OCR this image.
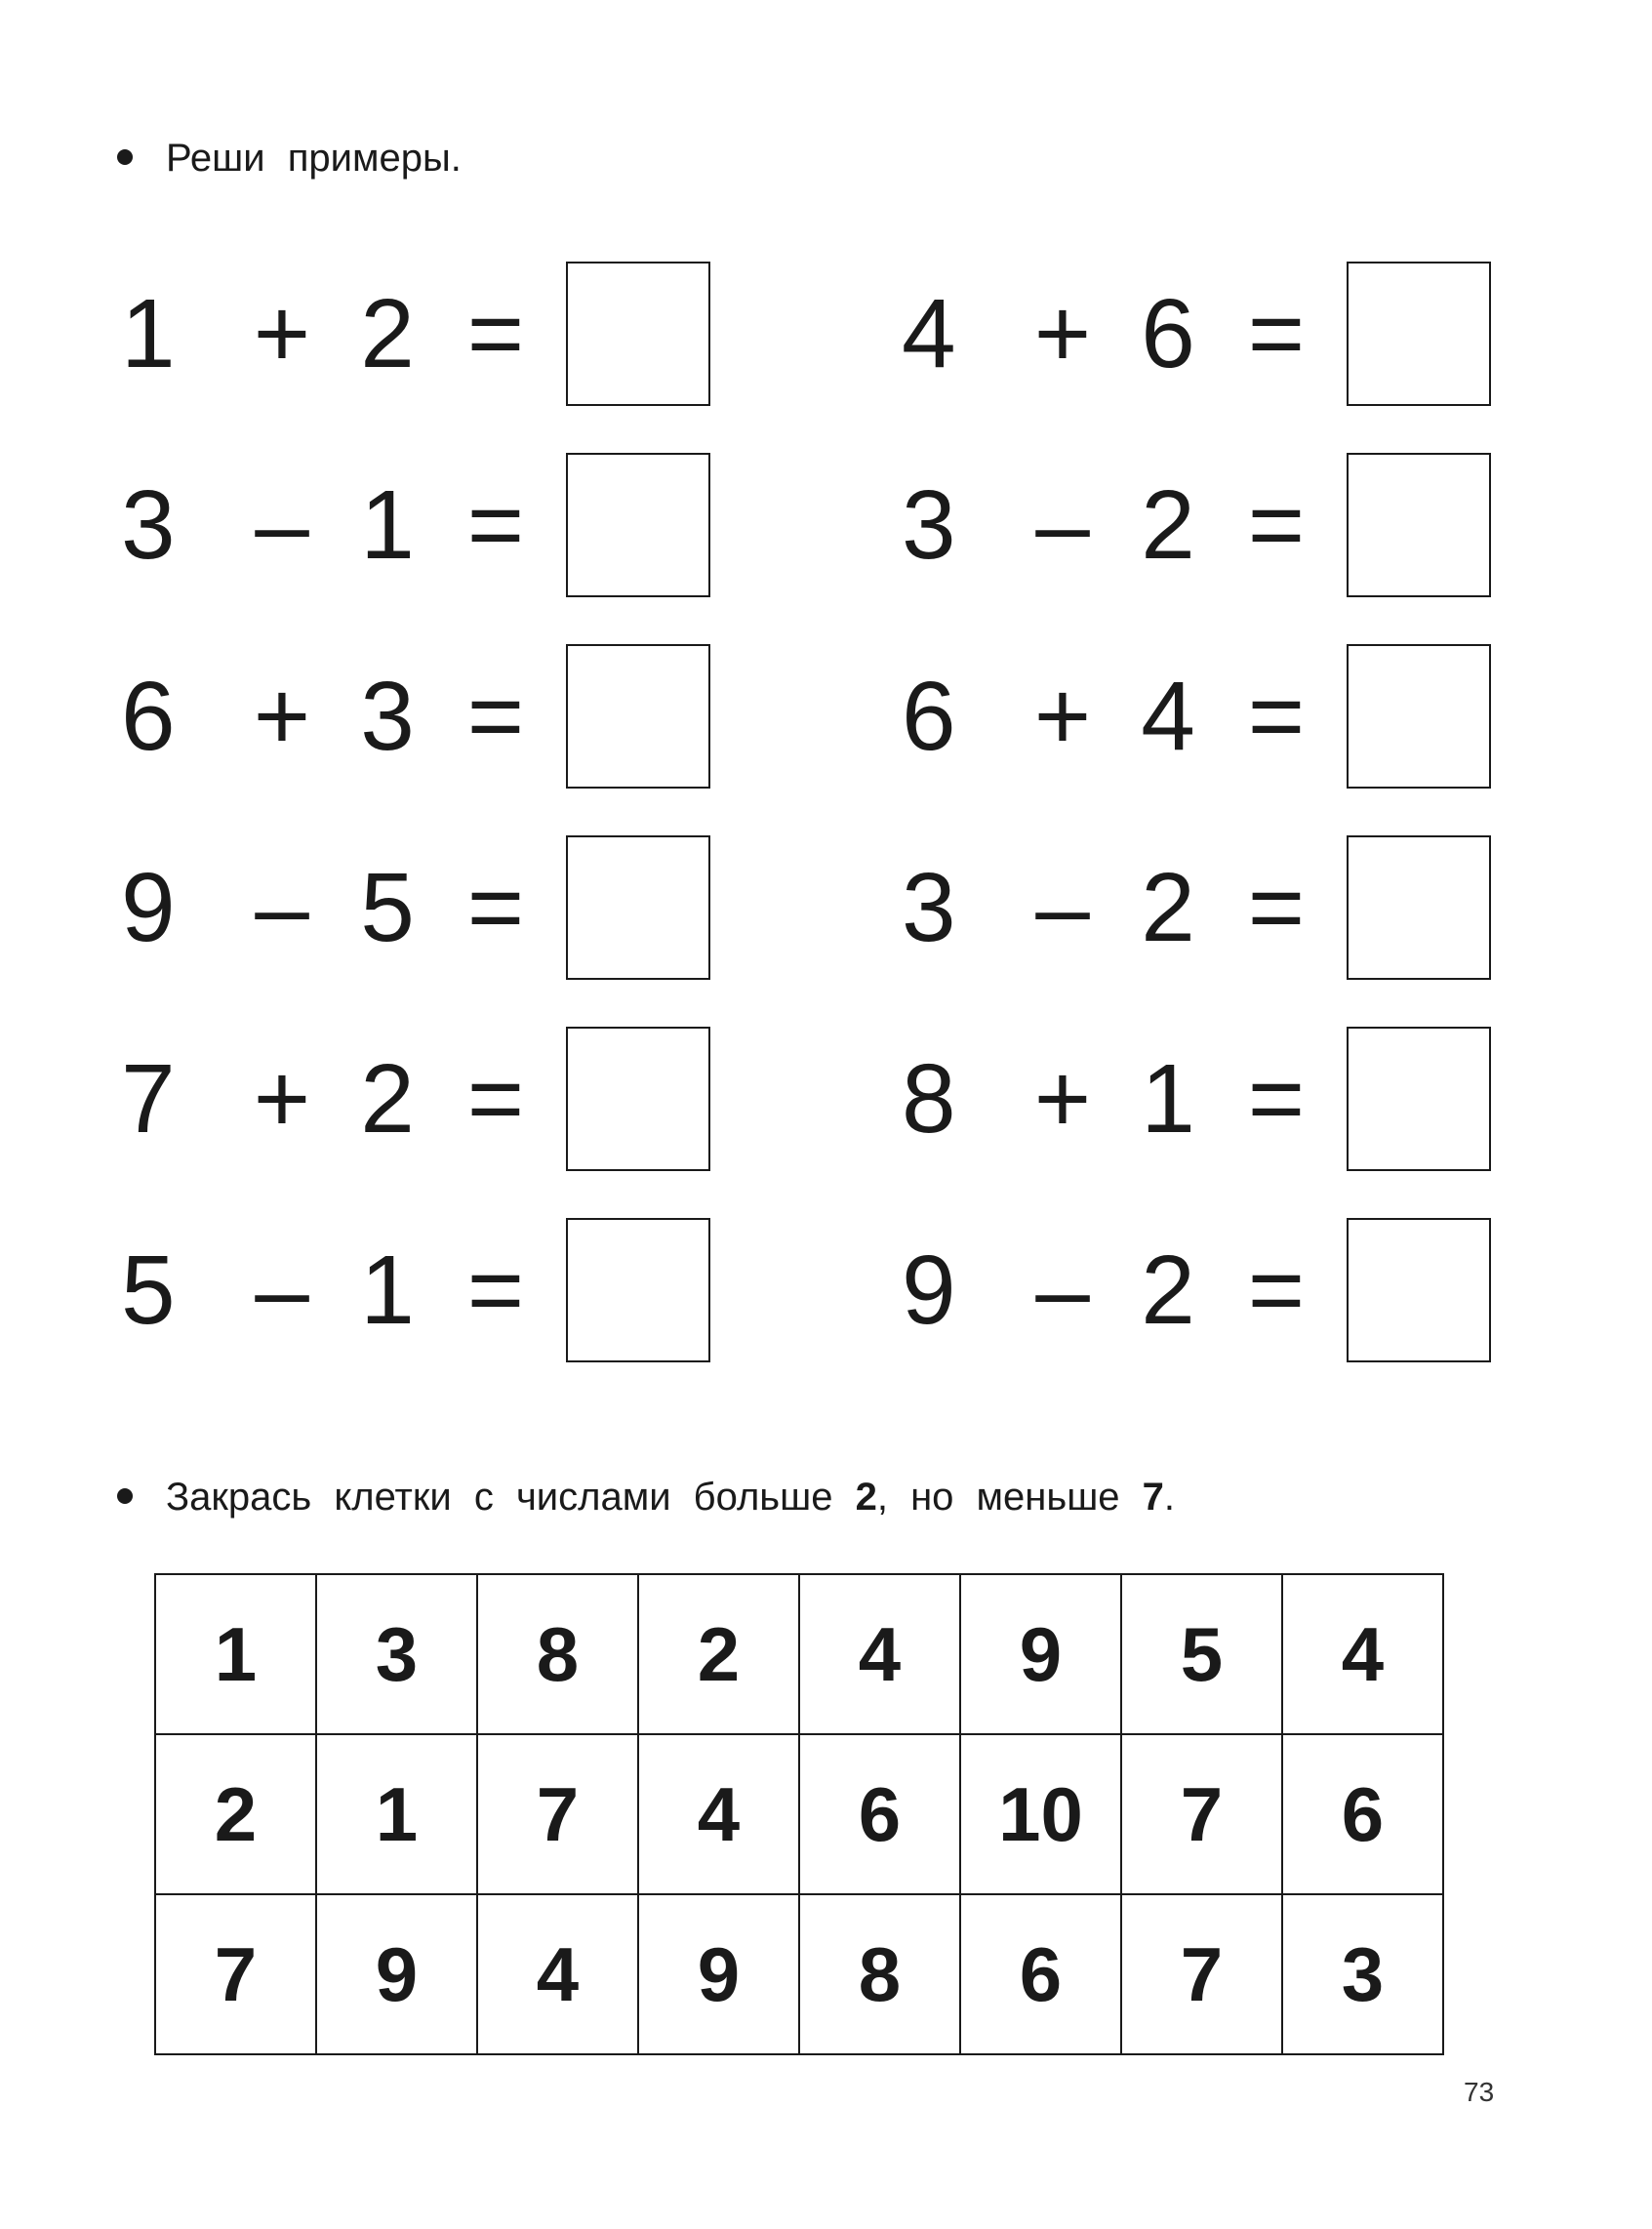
Реши примеры.
1 + 2 =
3 – 1 =
6 + 3 =
9 – 5 =
7 + 2 =
5 – 1 =
4 + 6 =
3 – 2 =
6 + 4 =
3 – 2 =
8 + 1 =
9 – 2 =
Закрась клетки с числами больше 2, но меньше 7.
1	3	8	2	4	9	5	4
2	1	7	4	6	10	7	6
7	9	4	9	8	6	7	3
73
